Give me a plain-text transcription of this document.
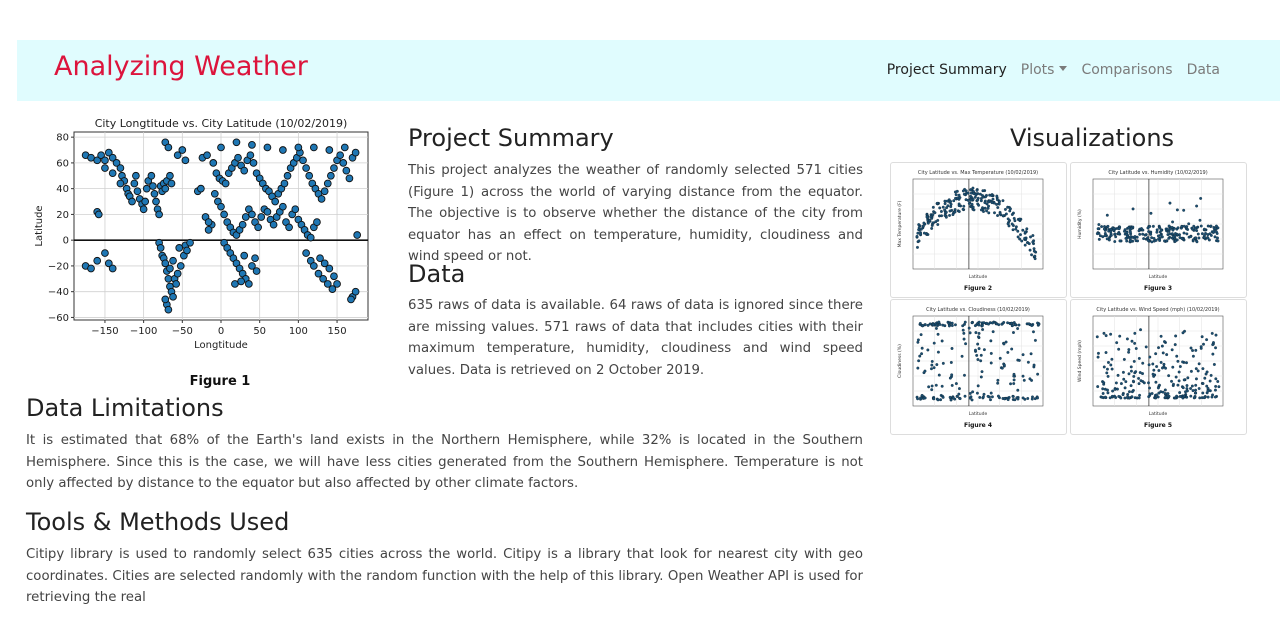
Analyzing Weather	Project Summary	Plots	Comparisons	Data
City Longtitude vs. City Latitude (10/02/2019)
−150 −100 −50 0	50 100 150
−60
−40
−20
0
20
40
60
80
Longtitude
Latitude
Figure 1
Project Summary

This project analyzes the weather of randomly selected 571 cities (Figure 1) across the world of varying distance from the equator. The objective is to observe whether the distance of the city from equator has an effect on temperature, humidity, cloudiness and wind speed or not.

Data

635 raws of data is available. 64 raws of data is ignored since there are missing values. 571 raws of data that includes cities with their maximum temperature, humidity, cloudiness and wind speed values. Data is retrieved on 2 October 2019.

Data Limitations

It is estimated that 68% of the Earth's land exists in the Northern Hemisphere, while 32% is located in the Southern Hemisphere. Since this is the case, we will have less cities generated from the Southern Hemisphere. Temperature is not only affected by distance to the equator but also affected by other climate factors.

Tools & Methods Used

Citipy library is used to randomly select 635 cities across the world. Citipy is a library that look for nearest city with geo coordinates. Cities are selected randomly with the random function with the help of this library. Open Weather API is used for retrieving the real

Visualizations
City Latitude vs. Max Temperature (10/02/2019)
Latitude
Max Temperature (F)
Figure 2
City Latitude vs. Humidity (10/02/2019)
Latitude
Humidity (%)
Figure 3
City Latitude vs. Cloudiness (10/02/2019)
Latitude
Cloudiness (%)
Figure 4
City Latitude vs. Wind Speed (mph) (10/02/2019)
Latitude
Wind Speed (mph)
Figure 5
